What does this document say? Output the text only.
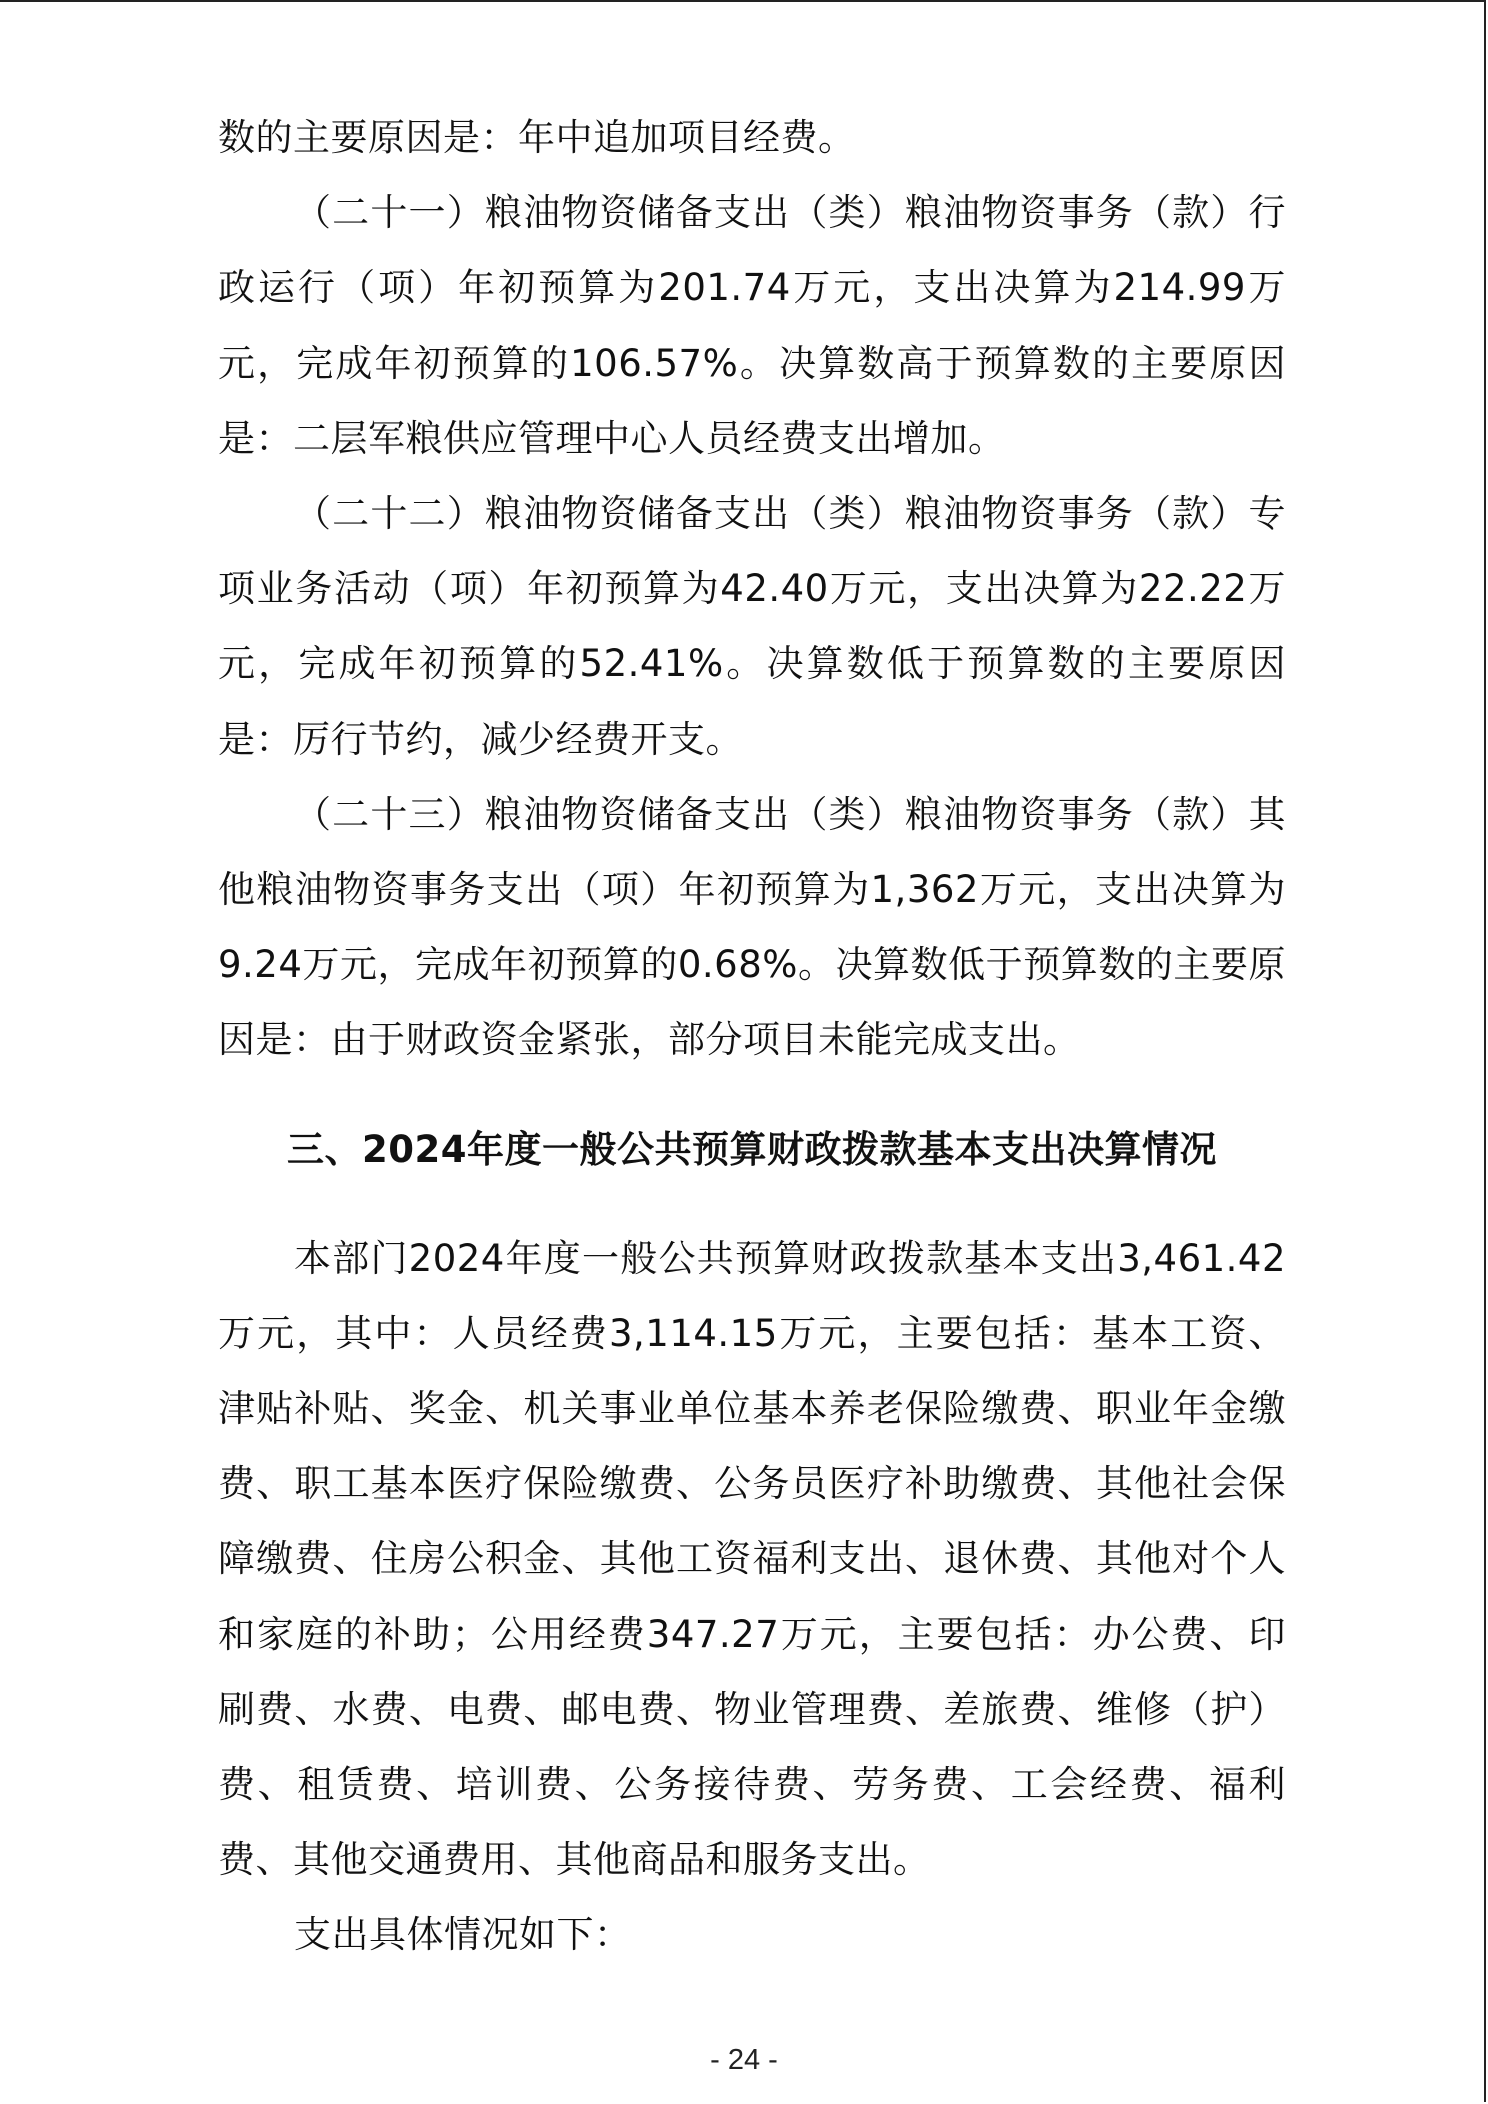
数的主要原因是：年中追加项目经费。

（二十一）粮油物资储备支出（类）粮油物资事务（款）行政运行（项）年初预算为201.74万元，支出决算为214.99万元，完成年初预算的106.57%。决算数高于预算数的主要原因是：二层军粮供应管理中心人员经费支出增加。

（二十二）粮油物资储备支出（类）粮油物资事务（款）专项业务活动（项）年初预算为42.40万元，支出决算为22.22万元，完成年初预算的52.41%。决算数低于预算数的主要原因是：厉行节约，减少经费开支。

（二十三）粮油物资储备支出（类）粮油物资事务（款）其他粮油物资事务支出（项）年初预算为1,362万元，支出决算为9.24万元，完成年初预算的0.68%。决算数低于预算数的主要原因是：由于财政资金紧张，部分项目未能完成支出。

三、2024年度一般公共预算财政拨款基本支出决算情况

本部门2024年度一般公共预算财政拨款基本支出3,461.42万元，其中：人员经费3,114.15万元，主要包括：基本工资、津贴补贴、奖金、机关事业单位基本养老保险缴费、职业年金缴费、职工基本医疗保险缴费、公务员医疗补助缴费、其他社会保障缴费、住房公积金、其他工资福利支出、退休费、其他对个人和家庭的补助；公用经费347.27万元，主要包括：办公费、印刷费、水费、电费、邮电费、物业管理费、差旅费、维修（护）费、租赁费、培训费、公务接待费、劳务费、工会经费、福利费、其他交通费用、其他商品和服务支出。

支出具体情况如下：

- 24 -
